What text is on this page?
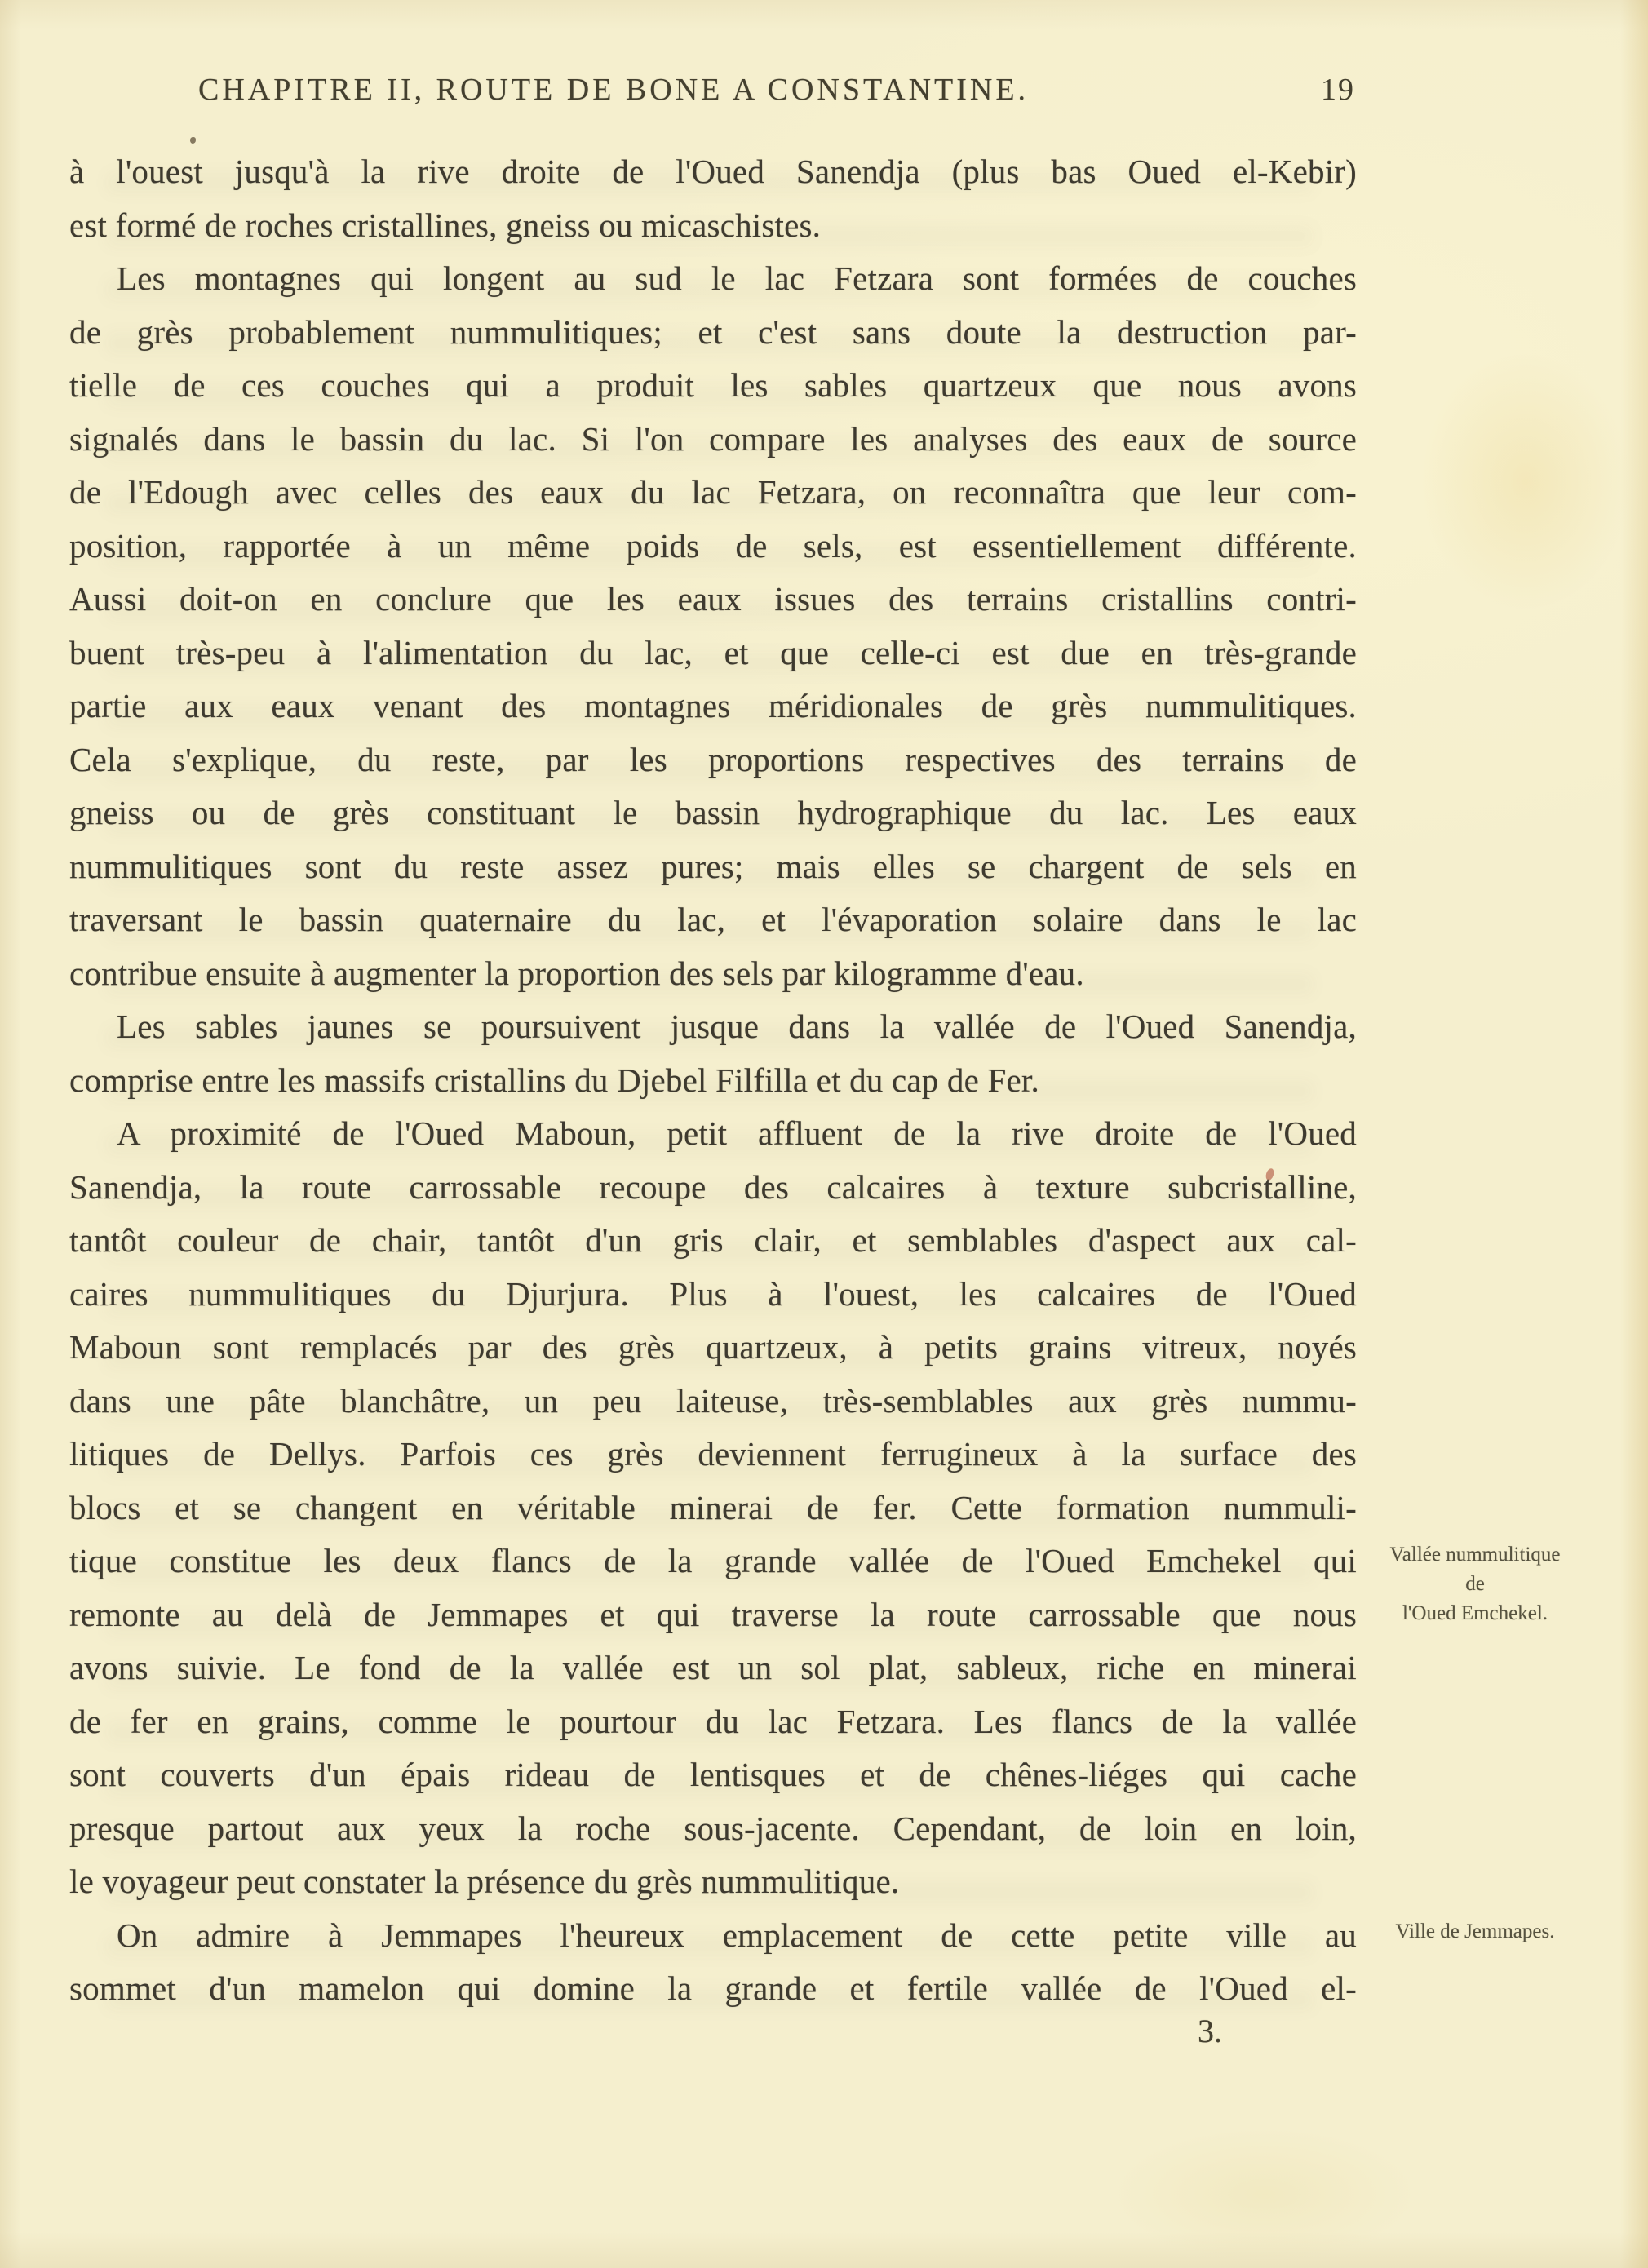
CHAPITRE II, ROUTE DE BONE A CONSTANTINE.	19
à l'ouest jusqu'à la rive droite de l'Oued Sanendja (plus bas Oued el-Kebir)
est formé de roches cristallines, gneiss ou micaschistes.
Les montagnes qui longent au sud le lac Fetzara sont formées de couches
de grès probablement nummulitiques; et c'est sans doute la destruction par-
tielle de ces couches qui a produit les sables quartzeux que nous avons
signalés dans le bassin du lac. Si l'on compare les analyses des eaux de source
de l'Edough avec celles des eaux du lac Fetzara, on reconnaîtra que leur com-
position, rapportée à un même poids de sels, est essentiellement différente.
Aussi doit-on en conclure que les eaux issues des terrains cristallins contri-
buent très-peu à l'alimentation du lac, et que celle-ci est due en très-grande
partie aux eaux venant des montagnes méridionales de grès nummulitiques.
Cela s'explique, du reste, par les proportions respectives des terrains de
gneiss ou de grès constituant le bassin hydrographique du lac. Les eaux
nummulitiques sont du reste assez pures; mais elles se chargent de sels en
traversant le bassin quaternaire du lac, et l'évaporation solaire dans le lac
contribue ensuite à augmenter la proportion des sels par kilogramme d'eau.
Les sables jaunes se poursuivent jusque dans la vallée de l'Oued Sanendja,
comprise entre les massifs cristallins du Djebel Filfilla et du cap de Fer.
A proximité de l'Oued Maboun, petit affluent de la rive droite de l'Oued
Sanendja, la route carrossable recoupe des calcaires à texture subcristalline,
tantôt couleur de chair, tantôt d'un gris clair, et semblables d'aspect aux cal-
caires nummulitiques du Djurjura. Plus à l'ouest, les calcaires de l'Oued
Maboun sont remplacés par des grès quartzeux, à petits grains vitreux, noyés
dans une pâte blanchâtre, un peu laiteuse, très-semblables aux grès nummu-
litiques de Dellys. Parfois ces grès deviennent ferrugineux à la surface des
blocs et se changent en véritable minerai de fer. Cette formation nummuli-
tique constitue les deux flancs de la grande vallée de l'Oued Emchekel qui
remonte au delà de Jemmapes et qui traverse la route carrossable que nous
avons suivie. Le fond de la vallée est un sol plat, sableux, riche en minerai
de fer en grains, comme le pourtour du lac Fetzara. Les flancs de la vallée
sont couverts d'un épais rideau de lentisques et de chênes-liéges qui cache
presque partout aux yeux la roche sous-jacente. Cependant, de loin en loin,
le voyageur peut constater la présence du grès nummulitique.
On admire à Jemmapes l'heureux emplacement de cette petite ville au
sommet d'un mamelon qui domine la grande et fertile vallée de l'Oued el-
Vallée nummulitique
de
l'Oued Emchekel.
Ville de Jemmapes.
3.
